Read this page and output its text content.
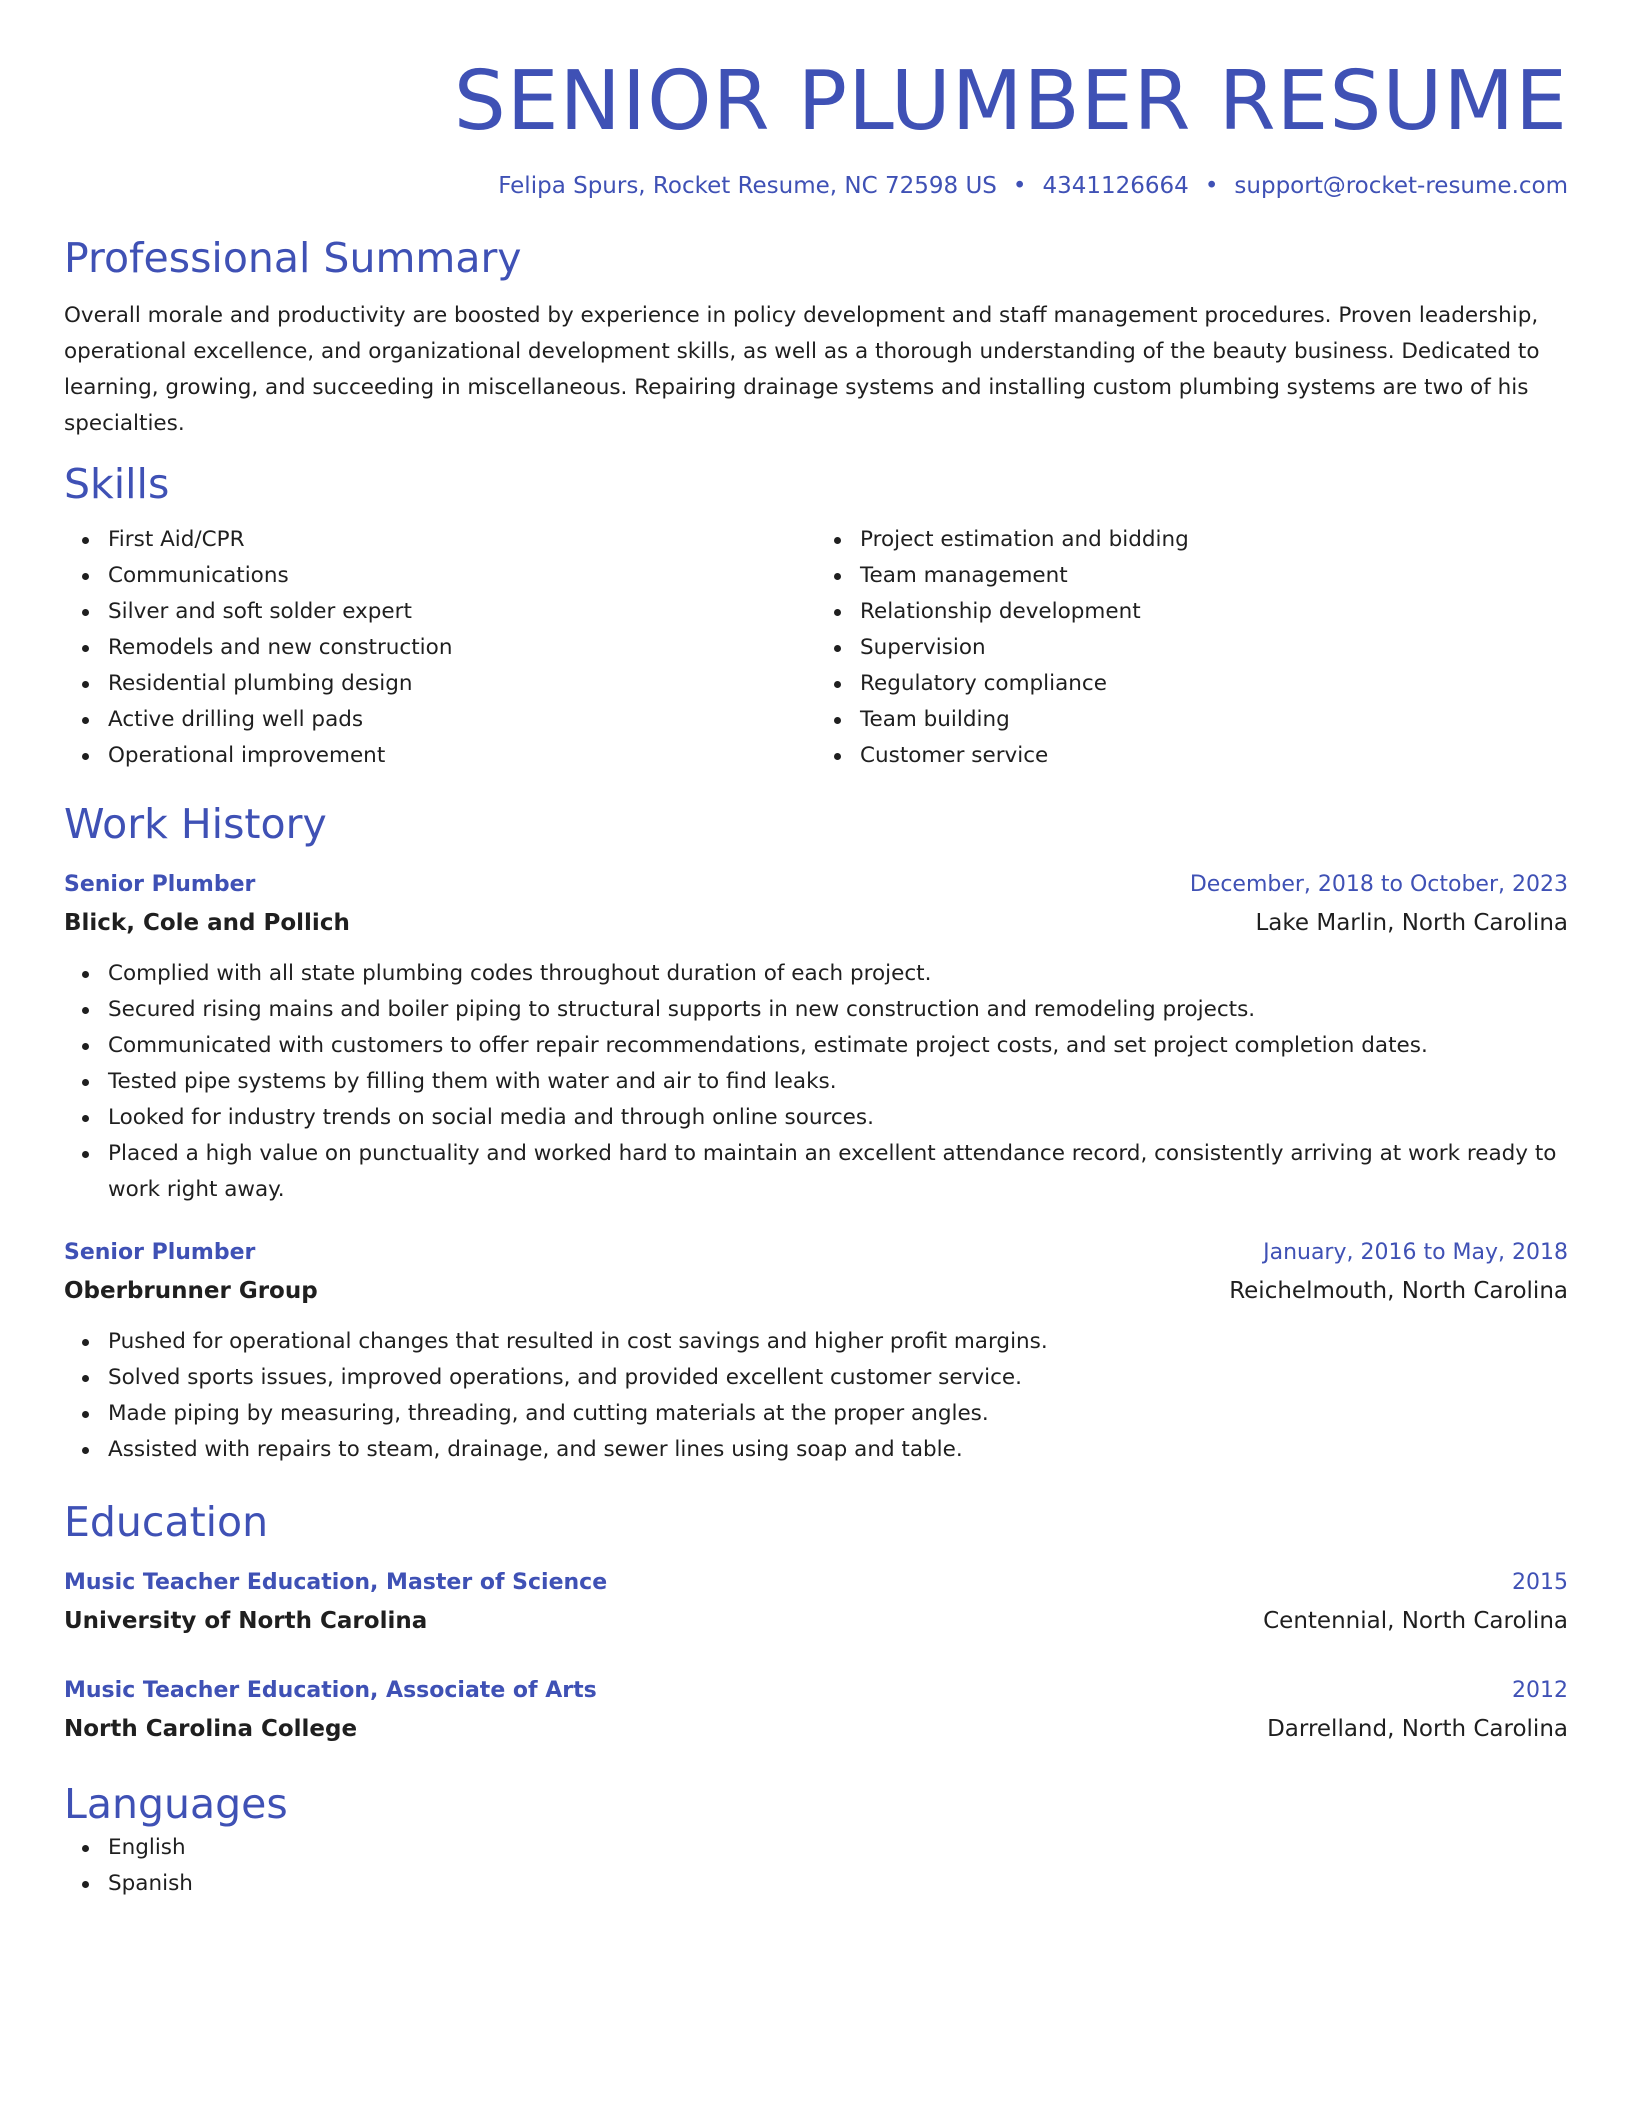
SENIOR PLUMBER RESUME
Felipa Spurs, Rocket Resume, NC 72598 US • 4341126664 • support@rocket-resume.com
Professional Summary

Overall morale and productivity are boosted by experience in policy development and staff management procedures. Proven leadership, operational excellence, and organizational development skills, as well as a thorough understanding of the beauty business. Dedicated to learning, growing, and succeeding in miscellaneous. Repairing drainage systems and installing custom plumbing systems are two of his specialties.

Skills
First Aid/CPR
Communications
Silver and soft solder expert
Remodels and new construction
Residential plumbing design
Active drilling well pads
Operational improvement
Project estimation and bidding
Team management
Relationship development
Supervision
Regulatory compliance
Team building
Customer service
Work History
Senior Plumber	December, 2018 to October, 2023
Blick, Cole and Pollich	Lake Marlin, North Carolina
Complied with all state plumbing codes throughout duration of each project.
Secured rising mains and boiler piping to structural supports in new construction and remodeling projects.
Communicated with customers to offer repair recommendations, estimate project costs, and set project completion dates.
Tested pipe systems by filling them with water and air to find leaks.
Looked for industry trends on social media and through online sources.
Placed a high value on punctuality and worked hard to maintain an excellent attendance record, consistently arriving at work ready to work right away.
Senior Plumber	January, 2016 to May, 2018
Oberbrunner Group	Reichelmouth, North Carolina
Pushed for operational changes that resulted in cost savings and higher profit margins.
Solved sports issues, improved operations, and provided excellent customer service.
Made piping by measuring, threading, and cutting materials at the proper angles.
Assisted with repairs to steam, drainage, and sewer lines using soap and table.
Education
Music Teacher Education, Master of Science	2015
University of North Carolina	Centennial, North Carolina
Music Teacher Education, Associate of Arts	2012
North Carolina College	Darrelland, North Carolina
Languages
English
Spanish
